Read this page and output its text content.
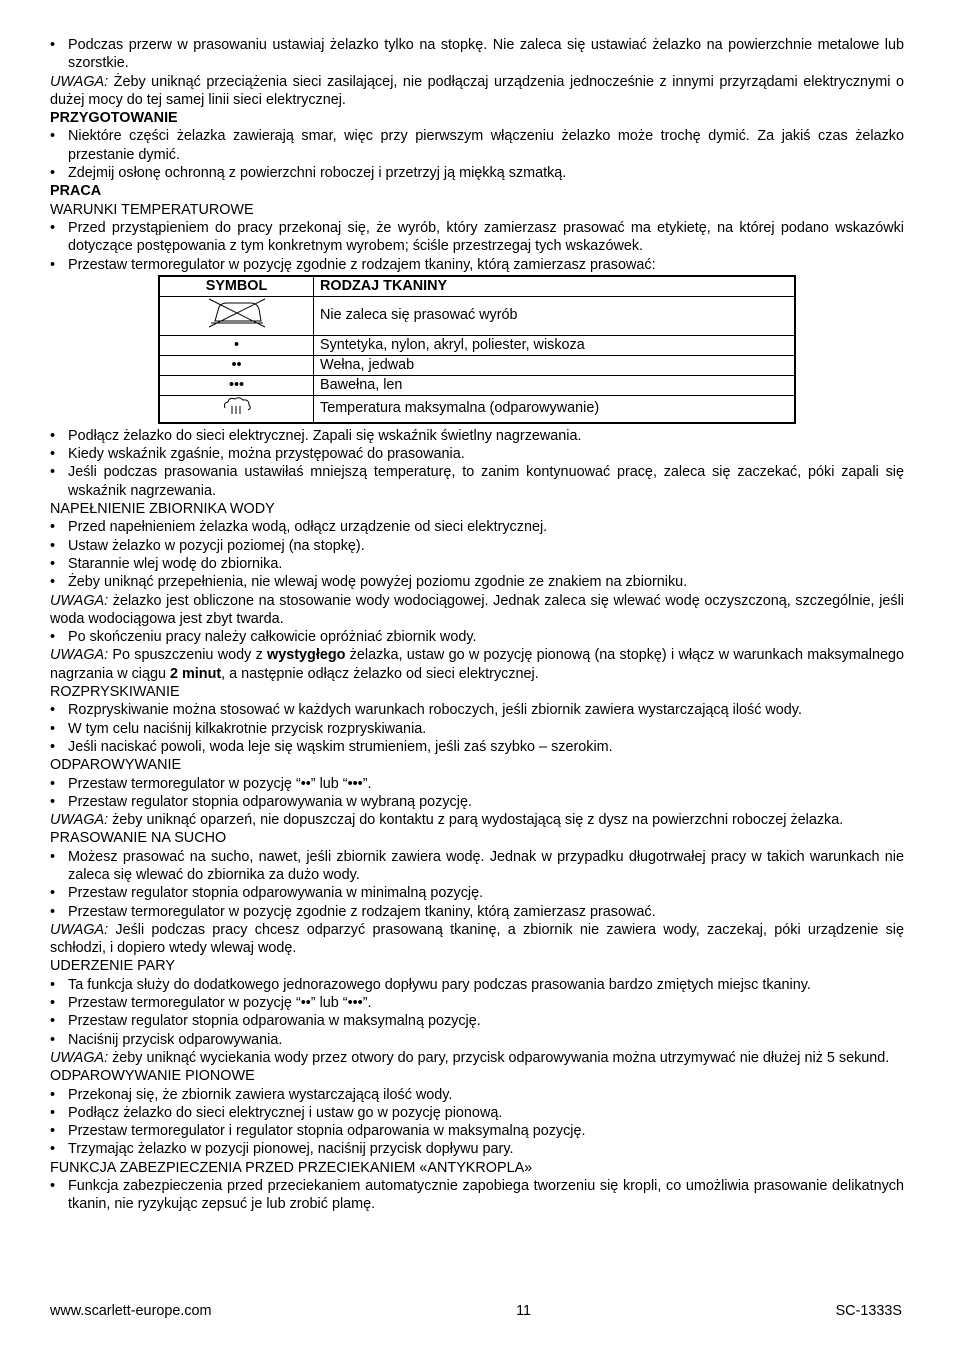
• Podczas przerw w prasowaniu ustawiaj żelazko tylko na stopkę. Nie zaleca się ustawiać żelazko na powierzchnie metalowe lub szorstkie.

UWAGA: Żeby uniknąć przeciążenia sieci zasilającej, nie podłączaj urządzenia jednocześnie z innymi przyrządami elektrycznymi o dużej mocy do tej samej linii sieci elektrycznej.

PRZYGOTOWANIE

• Niektóre części żelazka zawierają smar, więc przy pierwszym włączeniu żelazko może trochę dymić. Za jakiś czas żelazko przestanie dymić.
• Zdejmij osłonę ochronną z powierzchni roboczej i przetrzyj ją miękką szmatką.

PRACA

WARUNKI TEMPERATUROWE

• Przed przystąpieniem do pracy przekonaj się, że wyrób, który zamierzasz prasować ma etykietę, na której podano wskazówki dotyczące postępowania z tym konkretnym wyrobem; ściśle przestrzegaj tych wskazówek.
• Przestaw termoregulator w pozycję zgodnie z rodzajem tkaniny, którą zamierzasz prasować:
SYMBOL	RODZAJ TKANINY
	Nie zaleca się prasować wyrób
•	Syntetyka, nylon, akryl, poliester, wiskoza
••	Wełna, jedwab
•••	Bawełna, len
	Temperatura maksymalna (odparowywanie)
• Podłącz żelazko do sieci elektrycznej. Zapali się wskaźnik świetlny nagrzewania.
• Kiedy wskaźnik zgaśnie, można przystępować do prasowania.
• Jeśli podczas prasowania ustawiłaś mniejszą temperaturę, to zanim kontynuować pracę, zaleca się zaczekać, póki zapali się wskaźnik nagrzewania.

NAPEŁNIENIE ZBIORNIKA WODY

• Przed napełnieniem żelazka wodą, odłącz urządzenie od sieci elektrycznej.
• Ustaw żelazko w pozycji poziomej (na stopkę).
• Starannie wlej wodę do zbiornika.
• Żeby uniknąć przepełnienia, nie wlewaj wodę powyżej poziomu zgodnie ze znakiem na zbiorniku.

UWAGA: żelazko jest obliczone na stosowanie wody wodociągowej. Jednak zaleca się wlewać wodę oczyszczoną, szczególnie, jeśli woda wodociągowa jest zbyt twarda.

• Po skończeniu pracy należy całkowicie opróżniać zbiornik wody.

UWAGA: Po spuszczeniu wody z wystygłego żelazka, ustaw go w pozycję pionową (na stopkę) i włącz w warunkach maksymalnego nagrzania w ciągu 2 minut, a następnie odłącz żelazko od sieci elektrycznej.

ROZPRYSKIWANIE

• Rozpryskiwanie można stosować w każdych warunkach roboczych, jeśli zbiornik zawiera wystarczającą ilość wody.
• W tym celu naciśnij kilkakrotnie przycisk rozpryskiwania.
• Jeśli naciskać powoli, woda leje się wąskim strumieniem, jeśli zaś szybko – szerokim.

ODPAROWYWANIE

• Przestaw termoregulator w pozycję “••” lub “•••”.
• Przestaw regulator stopnia odparowywania w wybraną pozycję.

UWAGA: żeby uniknąć oparzeń, nie dopuszczaj do kontaktu z parą wydostającą się z dysz na powierzchni roboczej żelazka.

PRASOWANIE NA SUCHO

• Możesz prasować na sucho, nawet, jeśli zbiornik zawiera wodę. Jednak w przypadku długotrwałej pracy w takich warunkach nie zaleca się wlewać do zbiornika za dużo wody.
• Przestaw regulator stopnia odparowywania w minimalną pozycję.
• Przestaw termoregulator w pozycję zgodnie z rodzajem tkaniny, którą zamierzasz prasować.

UWAGA: Jeśli podczas pracy chcesz odparzyć prasowaną tkaninę, a zbiornik nie zawiera wody, zaczekaj, póki urządzenie się schłodzi, i dopiero wtedy wlewaj wodę.

UDERZENIE PARY

• Ta funkcja służy do dodatkowego jednorazowego dopływu pary podczas prasowania bardzo zmiętych miejsc tkaniny.
• Przestaw termoregulator w pozycję “••” lub “•••”.
• Przestaw regulator stopnia odparowania w maksymalną pozycję.
• Naciśnij przycisk odparowywania.

UWAGA: żeby uniknąć wyciekania wody przez otwory do pary, przycisk odparowywania można utrzymywać nie dłużej niż 5 sekund.

ODPAROWYWANIE PIONOWE

• Przekonaj się, że zbiornik zawiera wystarczającą ilość wody.
• Podłącz żelazko do sieci elektrycznej i ustaw go w pozycję pionową.
• Przestaw termoregulator i regulator stopnia odparowania w maksymalną pozycję.
• Trzymając żelazko w pozycji pionowej, naciśnij przycisk dopływu pary.

FUNKCJA ZABEZPIECZENIA PRZED PRZECIEKANIEM «ANTYKROPLA»

• Funkcja zabezpieczenia przed przeciekaniem automatycznie zapobiega tworzeniu się kropli, co umożliwia prasowanie delikatnych tkanin, nie ryzykując zepsuć je lub zrobić plamę.
www.scarlett-europe.com	11	SC-1333S
